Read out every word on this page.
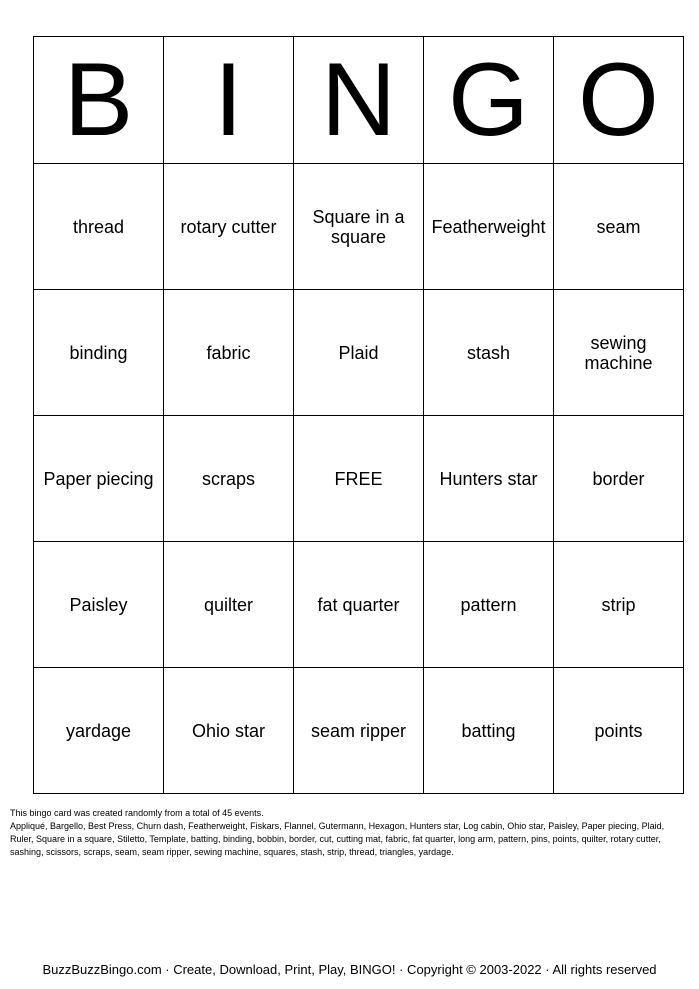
B	I	N	G	O
thread	rotary cutter	Square in a square	Featherweight	seam
binding	fabric	Plaid	stash	sewing machine
Paper piecing	scraps	FREE	Hunters star	border
Paisley	quilter	fat quarter	pattern	strip
yardage	Ohio star	seam ripper	batting	points

This bingo card was created randomly from a total of 45 events.

Appliqué, Bargello, Best Press, Churn dash, Featherweight, Fiskars, Flannel, Gutermann, Hexagon, Hunters star, Log cabin, Ohio star, Paisley, Paper piecing, Plaid, Ruler, Square in a square, Stiletto, Template, batting, binding, bobbin, border, cut, cutting mat, fabric, fat quarter, long arm, pattern, pins, points, quilter, rotary cutter, sashing, scissors, scraps, seam, seam ripper, sewing machine, squares, stash, strip, thread, triangles, yardage.

BuzzBuzzBingo.com · Create, Download, Print, Play, BINGO! · Copyright © 2003-2022 · All rights reserved
